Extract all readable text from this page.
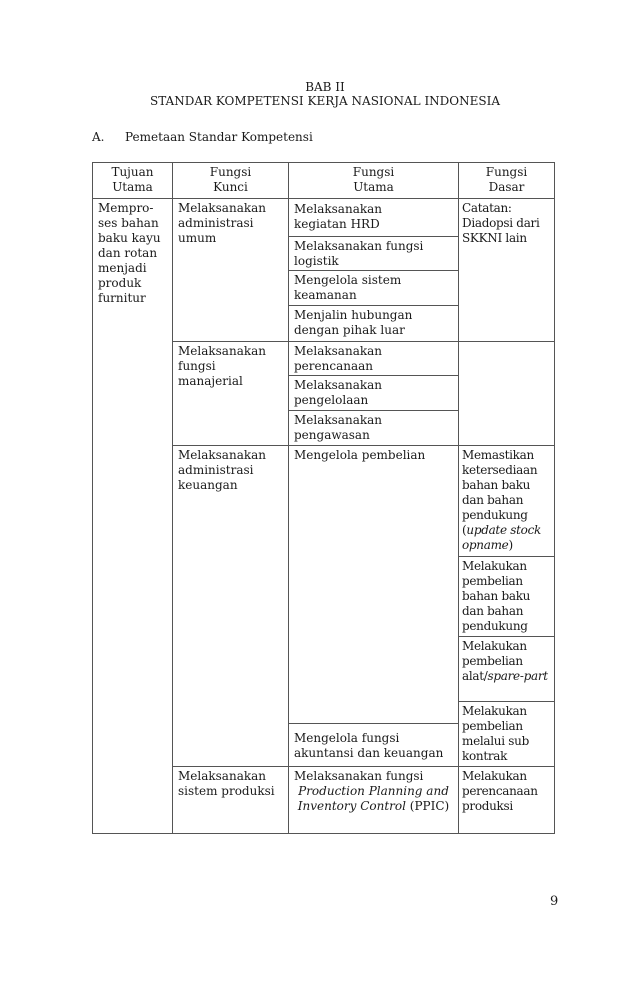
BAB II
STANDAR KOMPETENSI KERJA NASIONAL INDONESIA
A. Pemetaan Standar Kompetensi
Tujuan
Utama
Fungsi
Kunci
Fungsi
Utama
Fungsi
Dasar
Mempro-ses bahan baku kayu dan rotan menjadi produk furnitur
Melaksanakan administrasi umum
Melaksanakan fungsi manajerial
Melaksanakan administrasi keuangan
Melaksanakan sistem produksi
Melaksanakan kegiatan HRD
Melaksanakan fungsi logistik
Mengelola sistem keamanan
Menjalin hubungan dengan pihak luar
Melaksanakan perencanaan
Melaksanakan pengelolaan
Melaksanakan pengawasan
Mengelola pembelian
Mengelola fungsi akuntansi dan keuangan
Melaksanakan fungsi
Production Planning and Inventory Control (PPIC)
Catatan: Diadopsi dari SKKNI lain
Memastikan ketersediaan bahan baku dan bahan pendukung (update stock opname)
Melakukan pembelian bahan baku dan bahan pendukung
Melakukan pembelian alat/spare-part
Melakukan pembelian melalui sub kontrak
Melakukan perencanaan produksi
9
